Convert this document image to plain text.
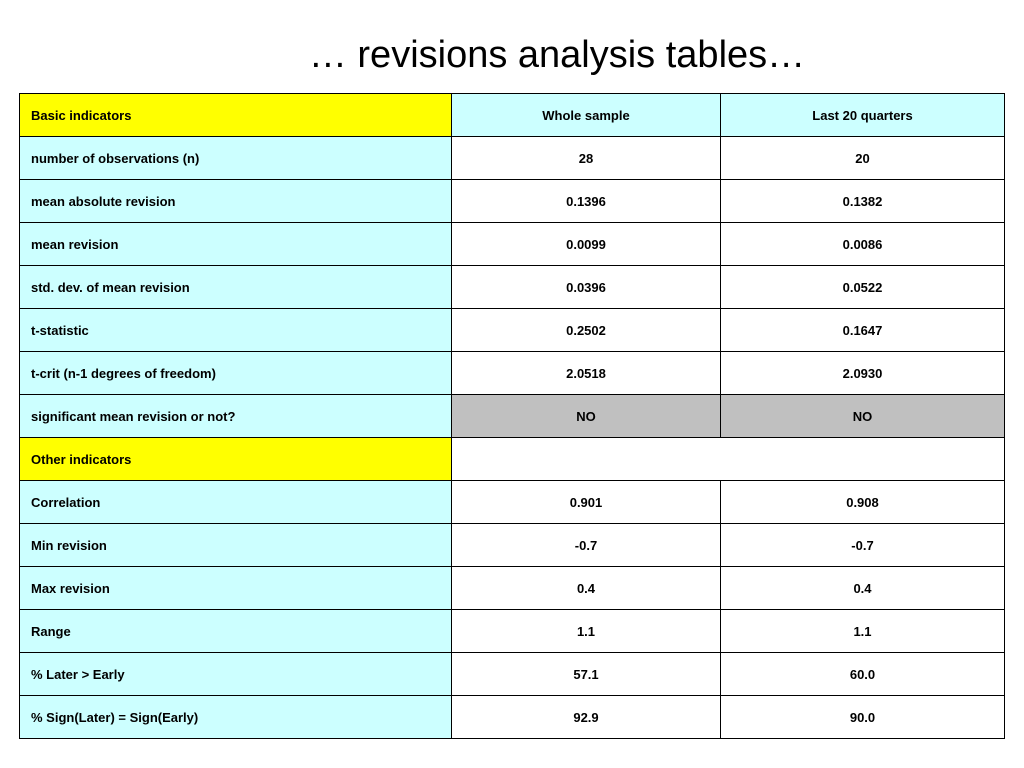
… revisions analysis tables…
Basic indicators	Whole sample	Last 20 quarters
number of observations (n)	28	20
mean absolute revision	0.1396	0.1382
mean revision	0.0099	0.0086
std. dev. of mean revision	0.0396	0.0522
t-statistic	0.2502	0.1647
t-crit (n-1 degrees of freedom)	2.0518	2.0930
significant mean revision or not?	NO	NO
Other indicators		
Correlation	0.901	0.908
Min revision	-0.7	-0.7
Max revision	0.4	0.4
Range	1.1	1.1
% Later > Early	57.1	60.0
% Sign(Later) = Sign(Early)	92.9	90.0
